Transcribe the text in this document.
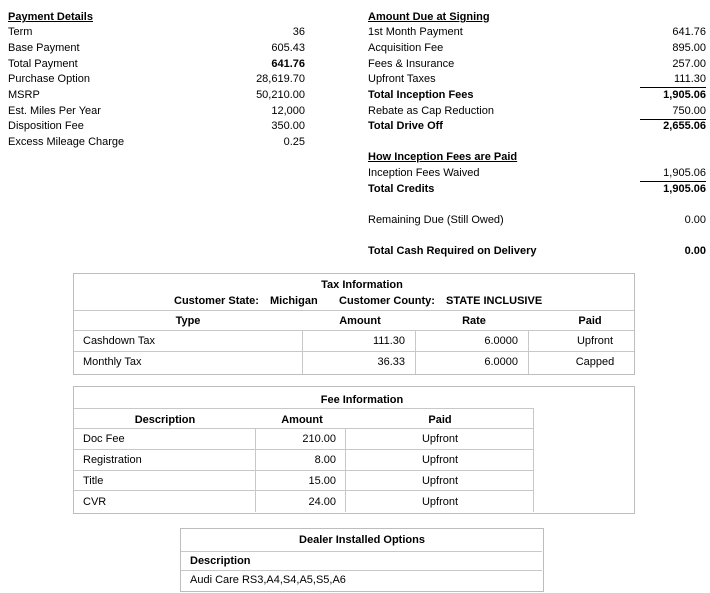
Payment Details
Term	36
Base Payment	605.43
Total Payment	641.76
Purchase Option	28,619.70
MSRP	50,210.00
Est. Miles Per Year	12,000
Disposition Fee	350.00
Excess Mileage Charge	0.25
Amount Due at Signing
1st Month Payment	641.76
Acquisition Fee	895.00
Fees & Insurance	257.00
Upfront Taxes	111.30
Total Inception Fees	1,905.06
Rebate as Cap Reduction	750.00
Total Drive Off	2,655.06
How Inception Fees are Paid
Inception Fees Waived	1,905.06
Total Credits	1,905.06
Remaining Due (Still Owed)	0.00
Total Cash Required on Delivery	0.00
Tax Information
Customer State: Michigan Customer County: STATE INCLUSIVE
Type	Amount	Rate	Paid
Cashdown Tax	111.30	6.0000	Upfront
Monthly Tax	36.33	6.0000	Capped
Fee Information
Description	Amount	Paid
Doc Fee	210.00	Upfront
Registration	8.00	Upfront
Title	15.00	Upfront
CVR	24.00	Upfront
Dealer Installed Options
Description
Audi Care RS3,A4,S4,A5,S5,A6
